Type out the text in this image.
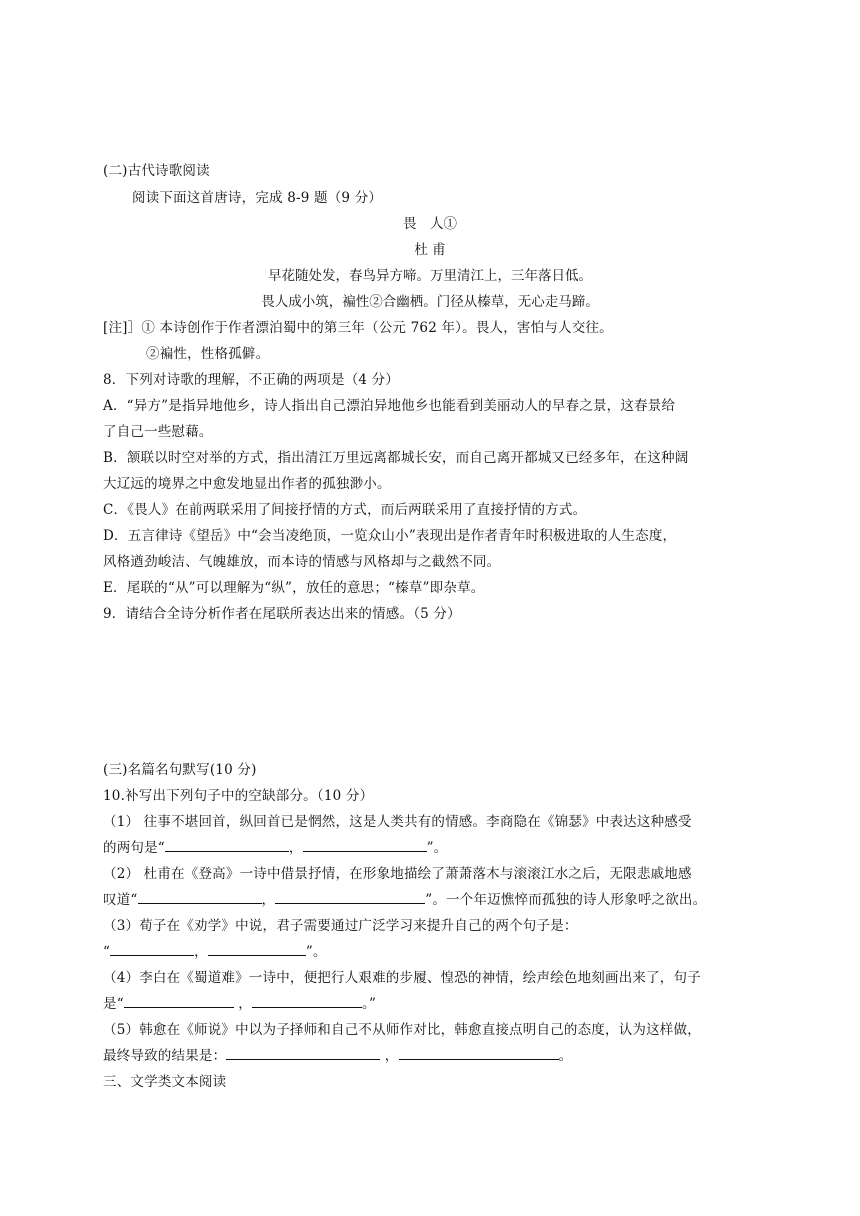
(二)古代诗歌阅读
阅读下面这首唐诗，完成 8-9 题（9 分）
畏　人①
杜 甫
早花随处发，春鸟异方啼。万里清江上，三年落日低。
畏人成小筑，褊性②合幽栖。门径从榛草，无心走马蹄。
[注]］① 本诗创作于作者漂泊蜀中的第三年（公元 762 年）。畏人，害怕与人交往。
②褊性，性格孤僻。
8．下列对诗歌的理解，不正确的两项是（4 分）
A．“异方”是指异地他乡，诗人指出自己漂泊异地他乡也能看到美丽动人的早春之景，这春景给
了自己一些慰藉。
B．颔联以时空对举的方式，指出清江万里远离都城长安，而自己离开都城又已经多年，在这种阔
大辽远的境界之中愈发地显出作者的孤独渺小。
C．《畏人》在前两联采用了间接抒情的方式，而后两联采用了直接抒情的方式。
D．五言律诗《望岳》中“会当凌绝顶，一览众山小”表现出是作者青年时积极进取的人生态度，
风格遒劲峻洁、气魄雄放，而本诗的情感与风格却与之截然不同。
E．尾联的“从”可以理解为“纵”，放任的意思；“榛草”即杂草。
9．请结合全诗分析作者在尾联所表达出来的情感。（5 分）
(三)名篇名句默写(10 分)
10.补写出下列句子中的空缺部分。（10 分）
（1） 往事不堪回首，纵回首已是惘然，这是人类共有的情感。李商隐在《锦瑟》中表达这种感受
的两句是“	，	”。
（2） 杜甫在《登高》一诗中借景抒情，在形象地描绘了萧萧落木与滚滚江水之后，无限悲戚地感
叹道“	，	”。一个年迈憔悴而孤独的诗人形象呼之欲出。
（3）荀子在《劝学》中说，君子需要通过广泛学习来提升自己的两个句子是：
“	，	”。
（4）李白在《蜀道难》一诗中，便把行人艰难的步履、惶恐的神情，绘声绘色地刻画出来了，句子
是“	，	。”
（5）韩愈在《师说》中以为子择师和自己不从师作对比，韩愈直接点明自己的态度，认为这样做，
最终导致的结果是：	，	。
三、文学类文本阅读
